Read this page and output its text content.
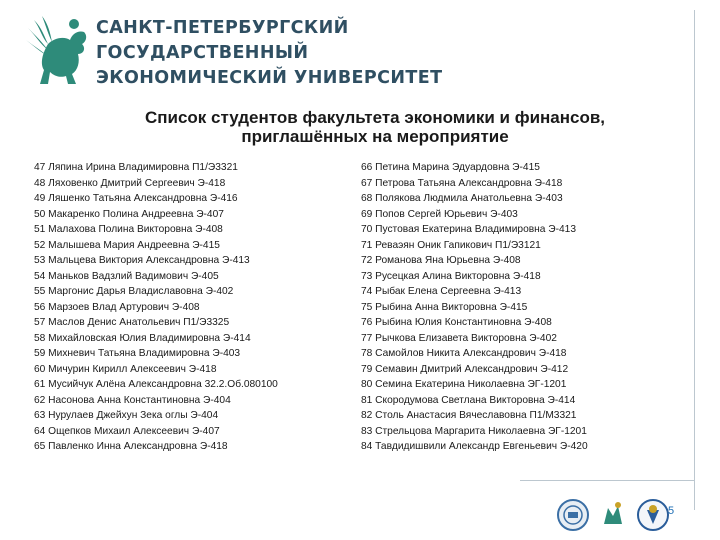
САНКТ-ПЕТЕРБУРГСКИЙ
ГОСУДАРСТВЕННЫЙ
ЭКОНОМИЧЕСКИЙ УНИВЕРСИТЕТ
Список студентов факультета экономики и финансов,
приглашённых на мероприятие
47 Ляпина Ирина Владимировна П1/Э3321
48 Ляховенко Дмитрий Сергеевич Э-418
49 Ляшенко Татьяна Александровна Э-416
50 Макаренко Полина Андреевна Э-407
51 Малахова Полина Викторовна Э-408
52 Малышева Мария Андреевна Э-415
53 Мальцева Виктория Александровна Э-413
54 Маньков Вадзлий Вадимович Э-405
55 Маргонис Дарья Владиславовна Э-402
56 Марзоев Влад Артурович Э-408
57 Маслов Денис Анатольевич П1/Э3325
58 Михайловская Юлия Владимировна Э-414
59 Михневич Татьяна Владимировна Э-403
60 Мичурин Кирилл Алексеевич Э-418
61 Мусийчук Алёна Александровна 32.2.Об.080100
62 Насонова Анна Константиновна Э-404
63 Нурулаев Джейхун Зека оглы Э-404
64 Ощепков Михаил Алексеевич Э-407
65 Павленко Инна Александровна Э-418
66 Петина Марина Эдуардовна Э-415
67 Петрова Татьяна Александровна Э-418
68 Полякова Людмила Анатольевна Э-403
69 Попов Сергей Юрьевич Э-403
70 Пустовая Екатерина Владимировна Э-413
71 Реваэян Оник Гапикович П1/Э3121
72 Романова Яна Юрьевна Э-408
73 Русецкая Алина Викторовна Э-418
74 Рыбак Елена Сергеевна Э-413
75 Рыбина Анна Викторовна Э-415
76 Рыбина Юлия Константиновна Э-408
77 Рычкова Елизавета Викторовна Э-402
78 Самойлов Никита Александрович Э-418
79 Семавин Дмитрий Александрович Э-412
80 Семина Екатерина Николаевна ЭГ-1201
81 Скородумова Светлана Викторовна Э-414
82 Столь Анастасия Вячеславовна П1/М3321
83 Стрельцова Маргарита Николаевна ЭГ-1201
84 Тавдидишвили Александр Евгеньевич Э-420
5
